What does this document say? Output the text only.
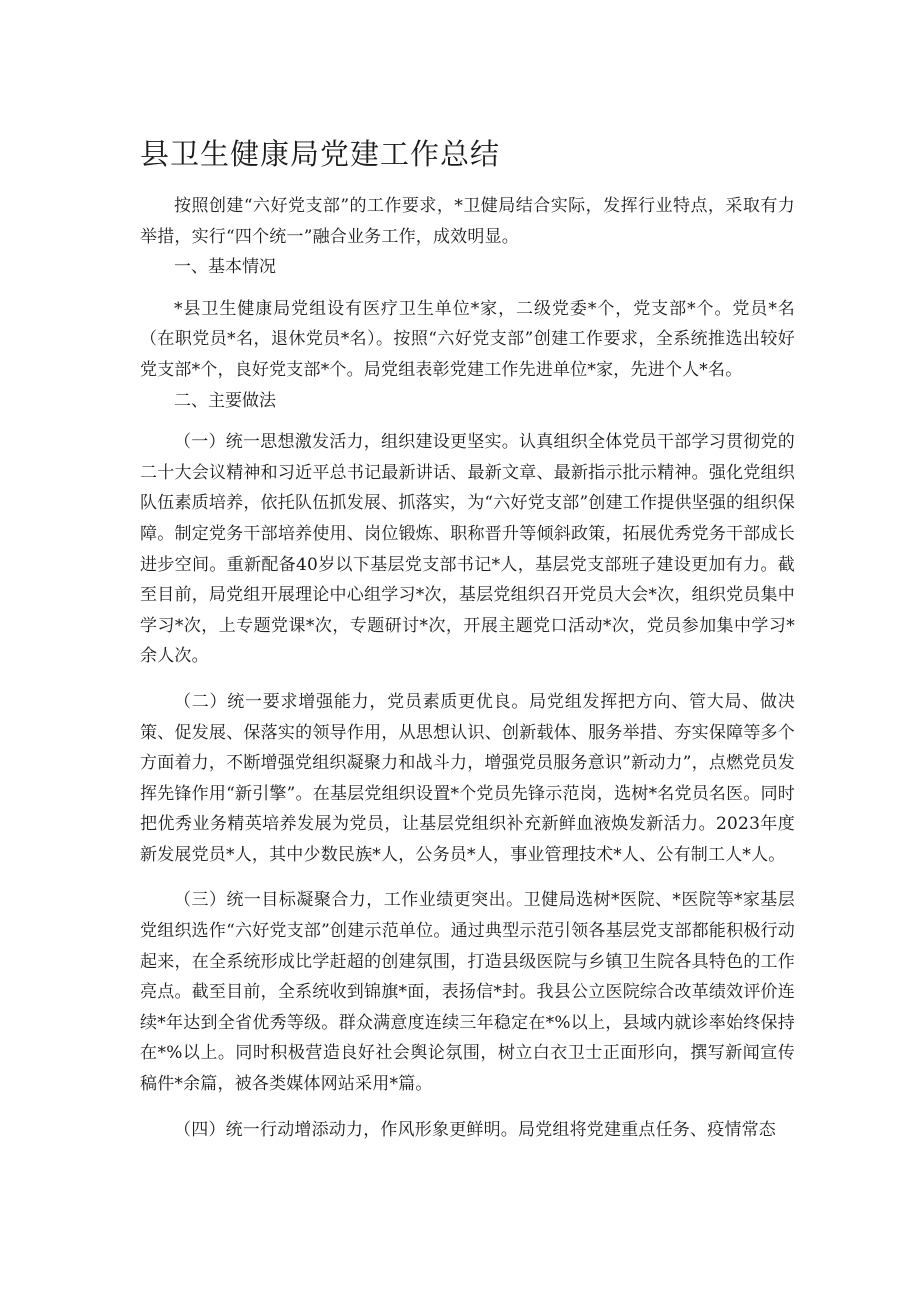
县卫生健康局党建工作总结

按照创建“六好党支部”的工作要求，*卫健局结合实际，发挥行业特点，采取有力举措，实行“四个统一”融合业务工作，成效明显。

一、基本情况

*县卫生健康局党组设有医疗卫生单位*家，二级党委*个，党支部*个。党员*名（在职党员*名，退休党员*名）。按照“六好党支部”创建工作要求，全系统推选出较好党支部*个，良好党支部*个。局党组表彰党建工作先进单位*家，先进个人*名。

二、主要做法

（一）统一思想激发活力，组织建设更坚实。认真组织全体党员干部学习贯彻党的二十大会议精神和习近平总书记最新讲话、最新文章、最新指示批示精神。强化党组织队伍素质培养，依托队伍抓发展、抓落实，为“六好党支部”创建工作提供坚强的组织保障。制定党务干部培养使用、岗位锻炼、职称晋升等倾斜政策，拓展优秀党务干部成长进步空间。重新配备40岁以下基层党支部书记*人，基层党支部班子建设更加有力。截至目前，局党组开展理论中心组学习*次，基层党组织召开党员大会*次，组织党员集中学习*次，上专题党课*次，专题研讨*次，开展主题党口活动*次，党员参加集中学习*余人次。

（二）统一要求增强能力，党员素质更优良。局党组发挥把方向、管大局、做决策、促发展、保落实的领导作用，从思想认识、创新载体、服务举措、夯实保障等多个方面着力，不断增强党组织凝聚力和战斗力，增强党员服务意识”新动力”，点燃党员发挥先锋作用“新引擎”。在基层党组织设置*个党员先锋示范岗，选树*名党员名医。同时把优秀业务精英培养发展为党员，让基层党组织补充新鲜血液焕发新活力。2023年度新发展党员*人，其中少数民族*人，公务员*人，事业管理技术*人、公有制工人*人。

（三）统一目标凝聚合力，工作业绩更突出。卫健局选树*医院、*医院等*家基层党组织选作“六好党支部”创建示范单位。通过典型示范引领各基层党支部都能积极行动起来，在全系统形成比学赶超的创建氛围，打造县级医院与乡镇卫生院各具特色的工作亮点。截至目前，全系统收到锦旗*面，表扬信*封。我县公立医院综合改革绩效评价连续*年达到全省优秀等级。群众满意度连续三年稳定在*%以上，县域内就诊率始终保持在*%以上。同时积极营造良好社会舆论氛围，树立白衣卫士正面形向，撰写新闻宣传稿件*余篇，被各类媒体网站采用*篇。

（四）统一行动增添动力，作风形象更鲜明。局党组将党建重点任务、疫情常态
